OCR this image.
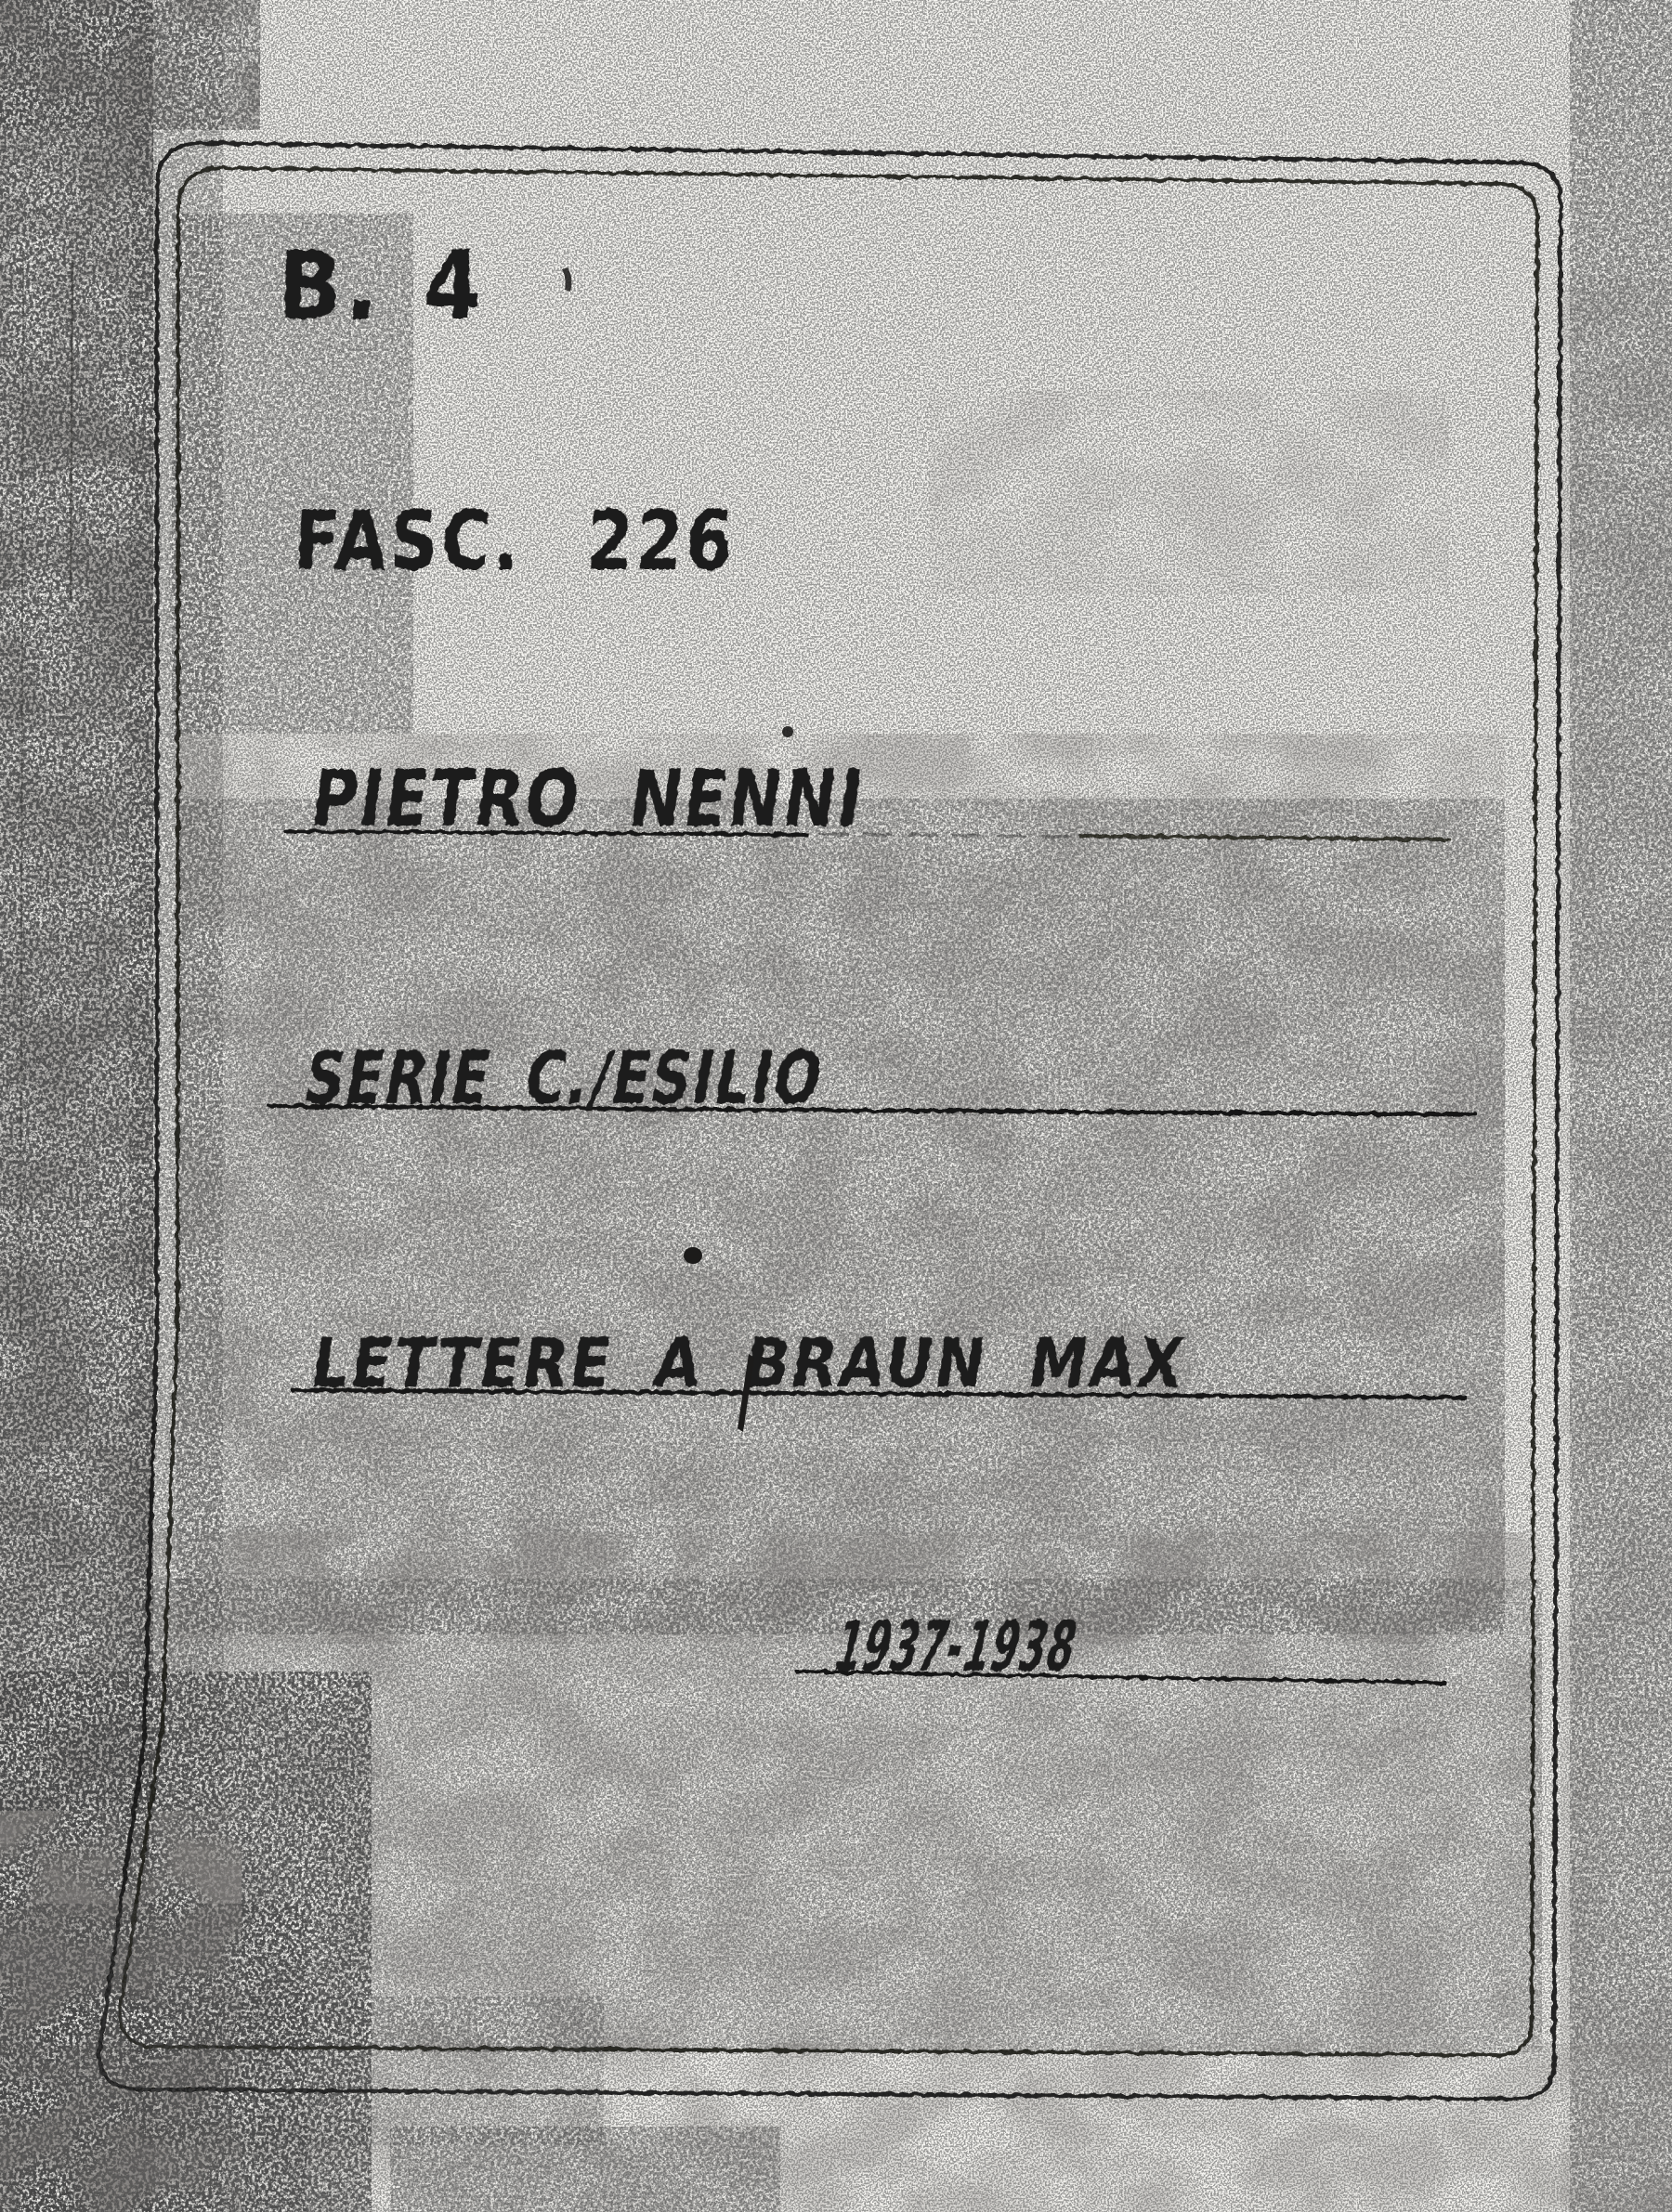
B. 4
FASC. 226
PIETRO NENNI
SERIE C./ESILIO
LETTERE A BRAUN MAX
1937-1938
